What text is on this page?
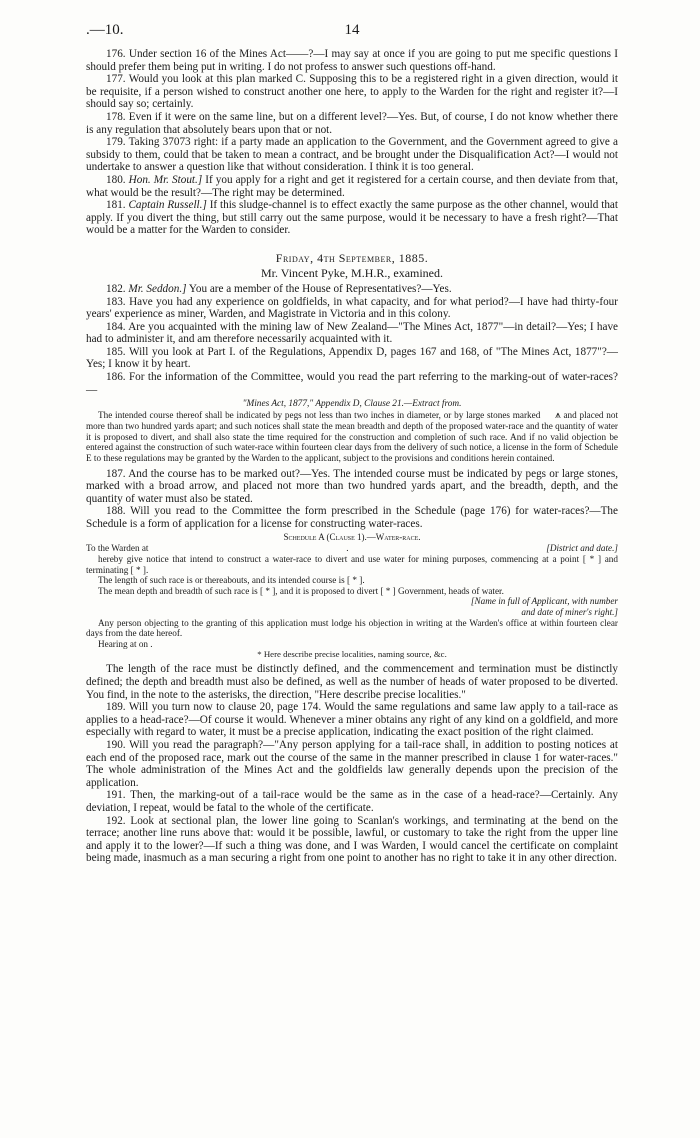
.—10.	14

176. Under section 16 of the Mines Act——?—I may say at once if you are going to put me specific questions I should prefer them being put in writing. I do not profess to answer such questions off-hand.

177. Would you look at this plan marked C. Supposing this to be a registered right in a given direction, would it be requisite, if a person wished to construct another one here, to apply to the Warden for the right and register it?—I should say so; certainly.

178. Even if it were on the same line, but on a different level?—Yes. But, of course, I do not know whether there is any regulation that absolutely bears upon that or not.

179. Taking 37073 right: if a party made an application to the Government, and the Government agreed to give a subsidy to them, could that be taken to mean a contract, and be brought under the Disqualification Act?—I would not undertake to answer a question like that without consideration. I think it is too general.

180. Hon. Mr. Stout.] If you apply for a right and get it registered for a certain course, and then deviate from that, what would be the result?—The right may be determined.

181. Captain Russell.] If this sludge-channel is to effect exactly the same purpose as the other channel, would that apply. If you divert the thing, but still carry out the same purpose, would it be necessary to have a fresh right?—That would be a matter for the Warden to consider.

Friday, 4th September, 1885.
Mr. Vincent Pyke, M.H.R., examined.

182. Mr. Seddon.] You are a member of the House of Representatives?—Yes.

183. Have you had any experience on goldfields, in what capacity, and for what period?—I have had thirty-four years' experience as miner, Warden, and Magistrate in Victoria and in this colony.

184. Are you acquainted with the mining law of New Zealand—"The Mines Act, 1877"—in detail?—Yes; I have had to administer it, and am therefore necessarily acquainted with it.

185. Will you look at Part I. of the Regulations, Appendix D, pages 167 and 168, of "The Mines Act, 1877"?—Yes; I know it by heart.

186. For the information of the Committee, would you read the part referring to the marking-out of water-races?—

"Mines Act, 1877," Appendix D, Clause 21.—Extract from.

The intended course thereof shall be indicated by pegs not less than two inches in diameter, or by large stones marked ⩚ and placed not more than two hundred yards apart; and such notices shall state the mean breadth and depth of the proposed water-race and the quantity of water it is proposed to divert, and shall also state the time required for the construction and completion of such race. And if no valid objection be entered against the construction of such water-race within fourteen clear days from the delivery of such notice, a license in the form of Schedule E to these regulations may be granted by the Warden to the applicant, subject to the provisions and conditions herein contained.

187. And the course has to be marked out?—Yes. The intended course must be indicated by pegs or large stones, marked with a broad arrow, and placed not more than two hundred yards apart, and the breadth, depth, and the quantity of water must also be stated.

188. Will you read to the Committee the form prescribed in the Schedule (page 176) for water-races?—The Schedule is a form of application for a license for constructing water-races.

Schedule A (Clause 1).—Water-race.
To the Warden at	.	[District and date.]

hereby give notice that intend to construct a water-race to divert and use water for mining purposes, commencing at a point [ * ] and terminating [ * ].

The length of such race is or thereabouts, and its intended course is [ * ].

The mean depth and breadth of such race is [ * ], and it is proposed to divert [ * ] Government, heads of water.

[Name in full of Applicant, with number
and date of miner's right.]

Any person objecting to the granting of this application must lodge his objection in writing at the Warden's office at within fourteen clear days from the date hereof.

Hearing at on .

* Here describe precise localities, naming source, &c.

The length of the race must be distinctly defined, and the commencement and termination must be distinctly defined; the depth and breadth must also be defined, as well as the number of heads of water proposed to be diverted. You find, in the note to the asterisks, the direction, "Here describe precise localities."

189. Will you turn now to clause 20, page 174. Would the same regulations and same law apply to a tail-race as applies to a head-race?—Of course it would. Whenever a miner obtains any right of any kind on a goldfield, and more especially with regard to water, it must be a precise application, indicating the exact position of the right claimed.

190. Will you read the paragraph?—"Any person applying for a tail-race shall, in addition to posting notices at each end of the proposed race, mark out the course of the same in the manner prescribed in clause 1 for water-races." The whole administration of the Mines Act and the goldfields law generally depends upon the precision of the application.

191. Then, the marking-out of a tail-race would be the same as in the case of a head-race?—Certainly. Any deviation, I repeat, would be fatal to the whole of the certificate.

192. Look at sectional plan, the lower line going to Scanlan's workings, and terminating at the bend on the terrace; another line runs above that: would it be possible, lawful, or customary to take the right from the upper line and apply it to the lower?—If such a thing was done, and I was Warden, I would cancel the certificate on complaint being made, inasmuch as a man securing a right from one point to another has no right to take it in any other direction.
